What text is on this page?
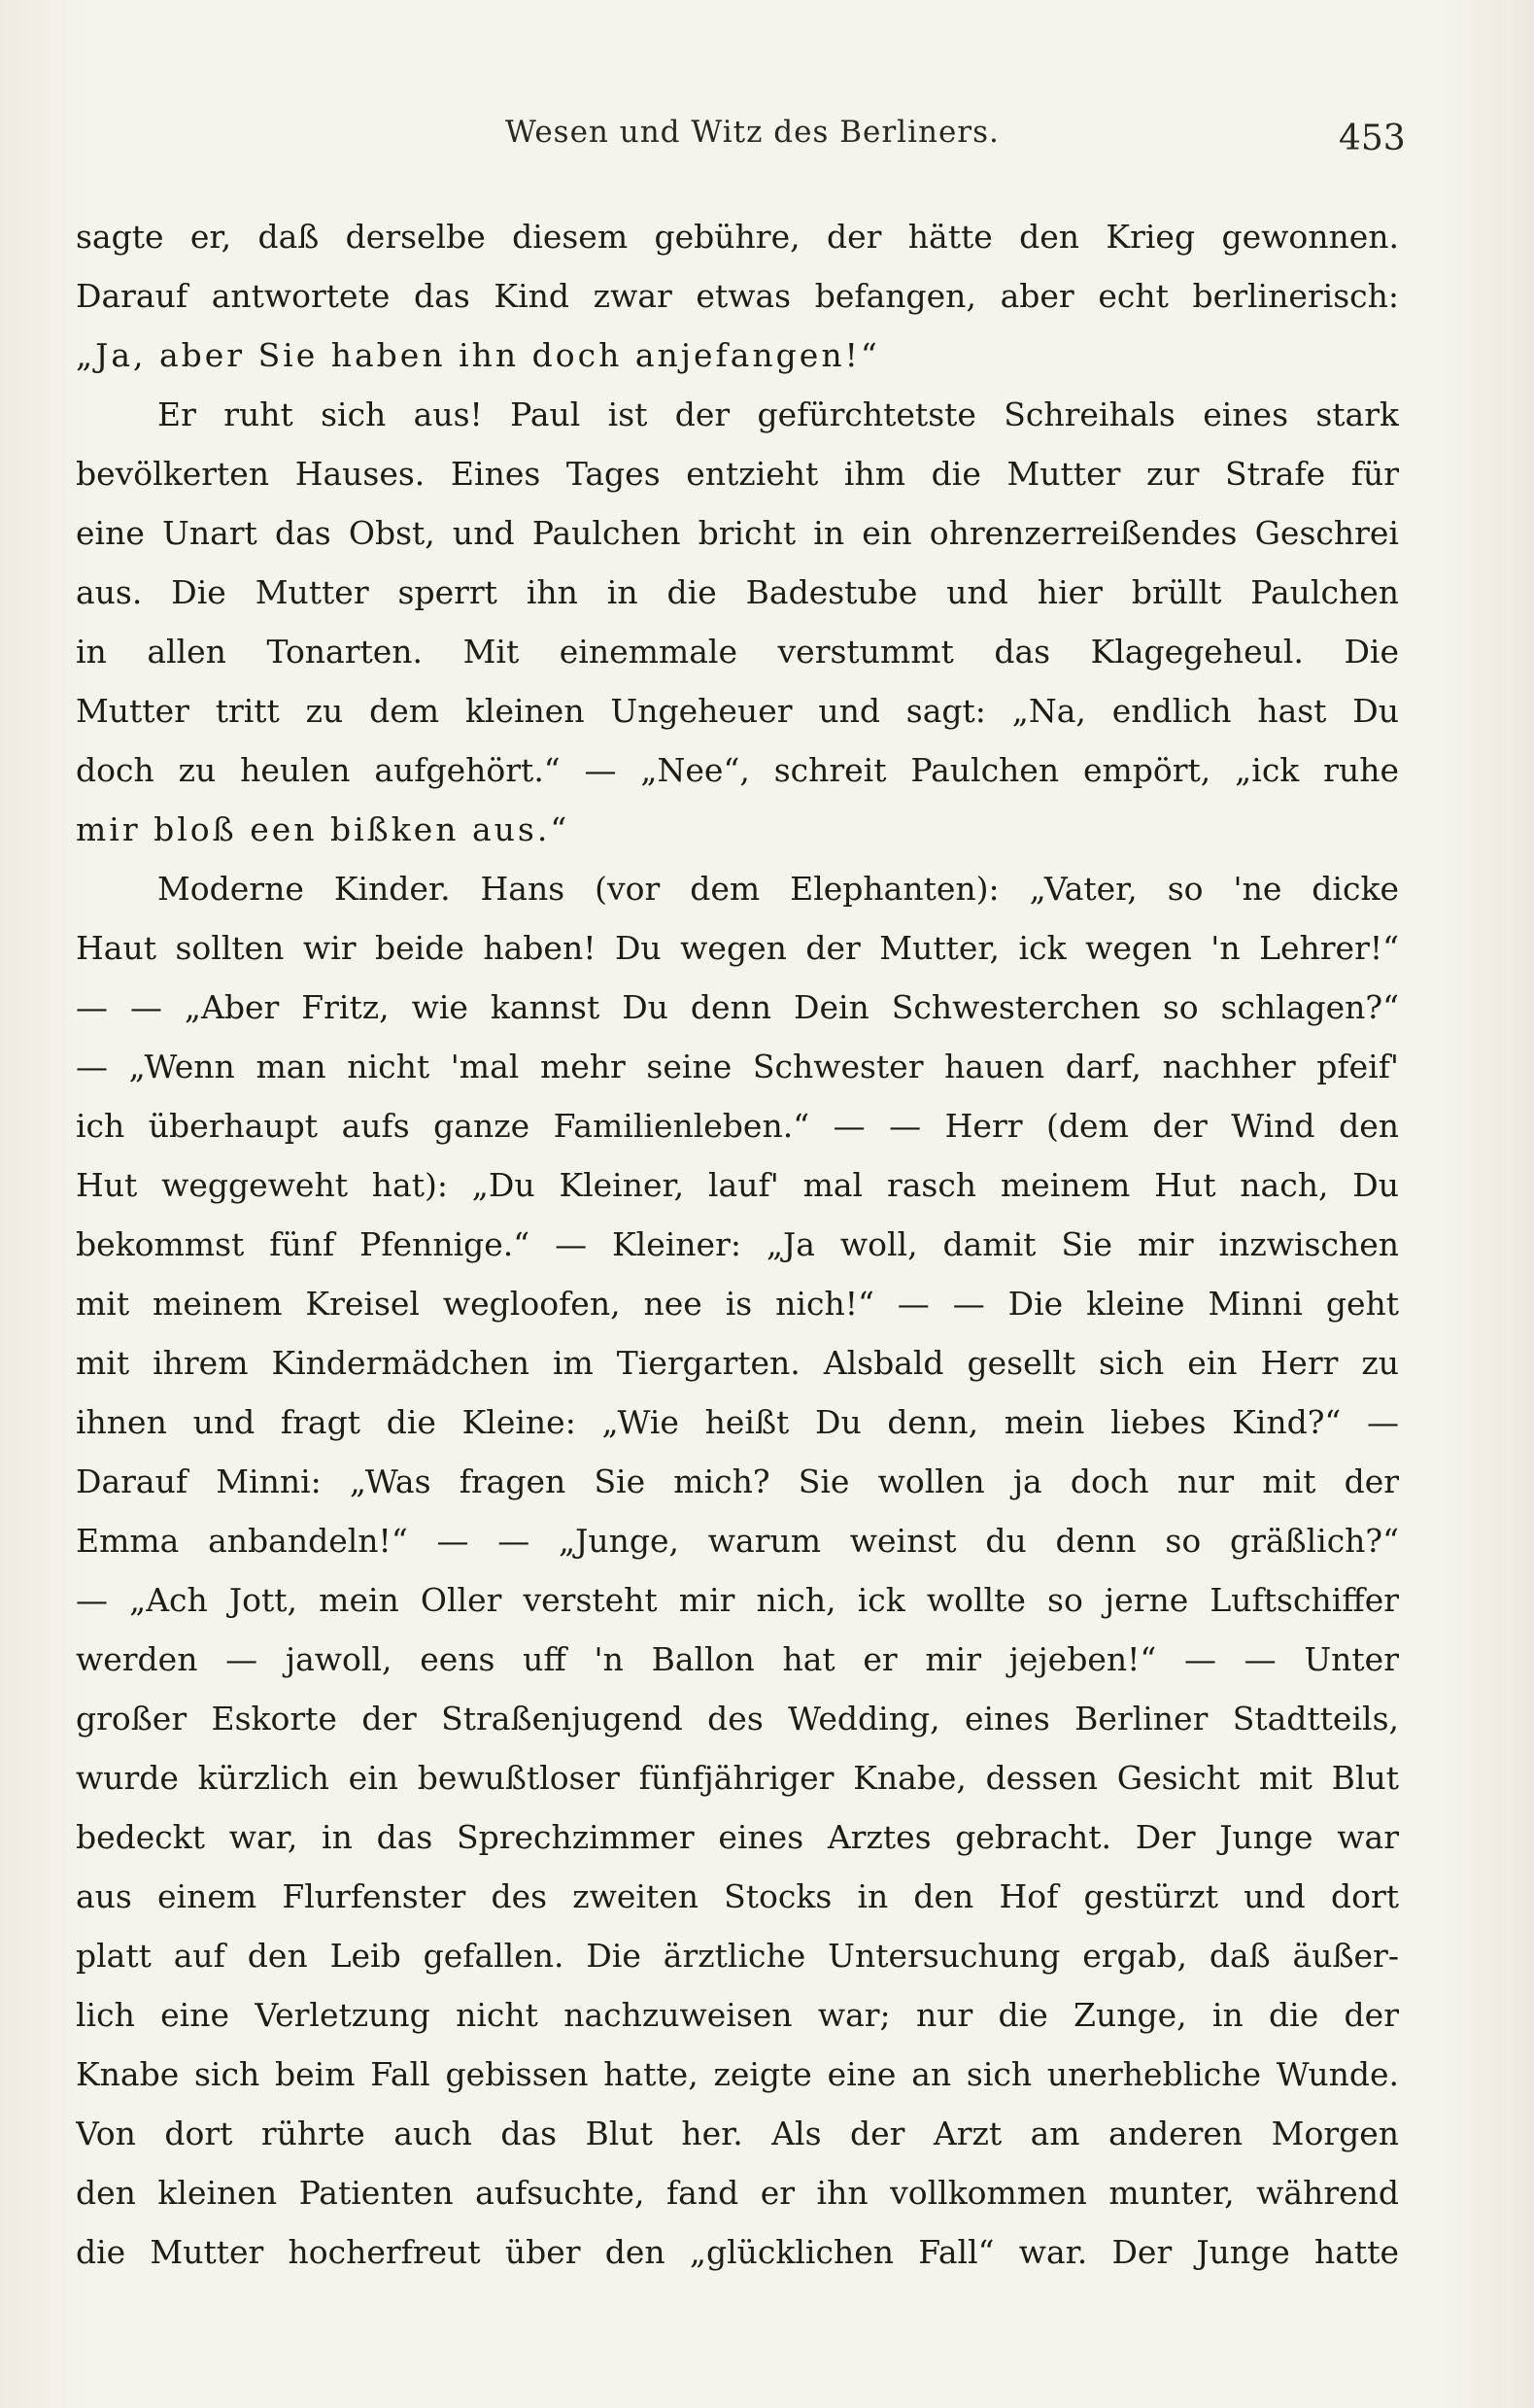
Wesen und Witz des Berliners.	453
sagte er, daß derselbe diesem gebühre, der hätte den Krieg gewonnen.
Darauf antwortete das Kind zwar etwas befangen, aber echt berlinerisch:
„Ja, aber Sie haben ihn doch anjefangen!“
Er ruht sich aus! Paul ist der gefürchtetste Schreihals eines stark
bevölkerten Hauses. Eines Tages entzieht ihm die Mutter zur Strafe für
eine Unart das Obst, und Paulchen bricht in ein ohrenzerreißendes Geschrei
aus. Die Mutter sperrt ihn in die Badestube und hier brüllt Paulchen
in allen Tonarten. Mit einemmale verstummt das Klagegeheul. Die
Mutter tritt zu dem kleinen Ungeheuer und sagt: „Na, endlich hast Du
doch zu heulen aufgehört.“ — „Nee“, schreit Paulchen empört, „ick ruhe
mir bloß een bißken aus.“
Moderne Kinder. Hans (vor dem Elephanten): „Vater, so 'ne dicke
Haut sollten wir beide haben! Du wegen der Mutter, ick wegen 'n Lehrer!“
— — „Aber Fritz, wie kannst Du denn Dein Schwesterchen so schlagen?“
— „Wenn man nicht 'mal mehr seine Schwester hauen darf, nachher pfeif'
ich überhaupt aufs ganze Familienleben.“ — — Herr (dem der Wind den
Hut weggeweht hat): „Du Kleiner, lauf' mal rasch meinem Hut nach, Du
bekommst fünf Pfennige.“ — Kleiner: „Ja woll, damit Sie mir inzwischen
mit meinem Kreisel wegloofen, nee is nich!“ — — Die kleine Minni geht
mit ihrem Kindermädchen im Tiergarten. Alsbald gesellt sich ein Herr zu
ihnen und fragt die Kleine: „Wie heißt Du denn, mein liebes Kind?“ —
Darauf Minni: „Was fragen Sie mich? Sie wollen ja doch nur mit der
Emma anbandeln!“ — — „Junge, warum weinst du denn so gräßlich?“
— „Ach Jott, mein Oller versteht mir nich, ick wollte so jerne Luftschiffer
werden — jawoll, eens uff 'n Ballon hat er mir jejeben!“ — — Unter
großer Eskorte der Straßenjugend des Wedding, eines Berliner Stadtteils,
wurde kürzlich ein bewußtloser fünfjähriger Knabe, dessen Gesicht mit Blut
bedeckt war, in das Sprechzimmer eines Arztes gebracht. Der Junge war
aus einem Flurfenster des zweiten Stocks in den Hof gestürzt und dort
platt auf den Leib gefallen. Die ärztliche Untersuchung ergab, daß äußer-
lich eine Verletzung nicht nachzuweisen war; nur die Zunge, in die der
Knabe sich beim Fall gebissen hatte, zeigte eine an sich unerhebliche Wunde.
Von dort rührte auch das Blut her. Als der Arzt am anderen Morgen
den kleinen Patienten aufsuchte, fand er ihn vollkommen munter, während
die Mutter hocherfreut über den „glücklichen Fall“ war. Der Junge hatte
